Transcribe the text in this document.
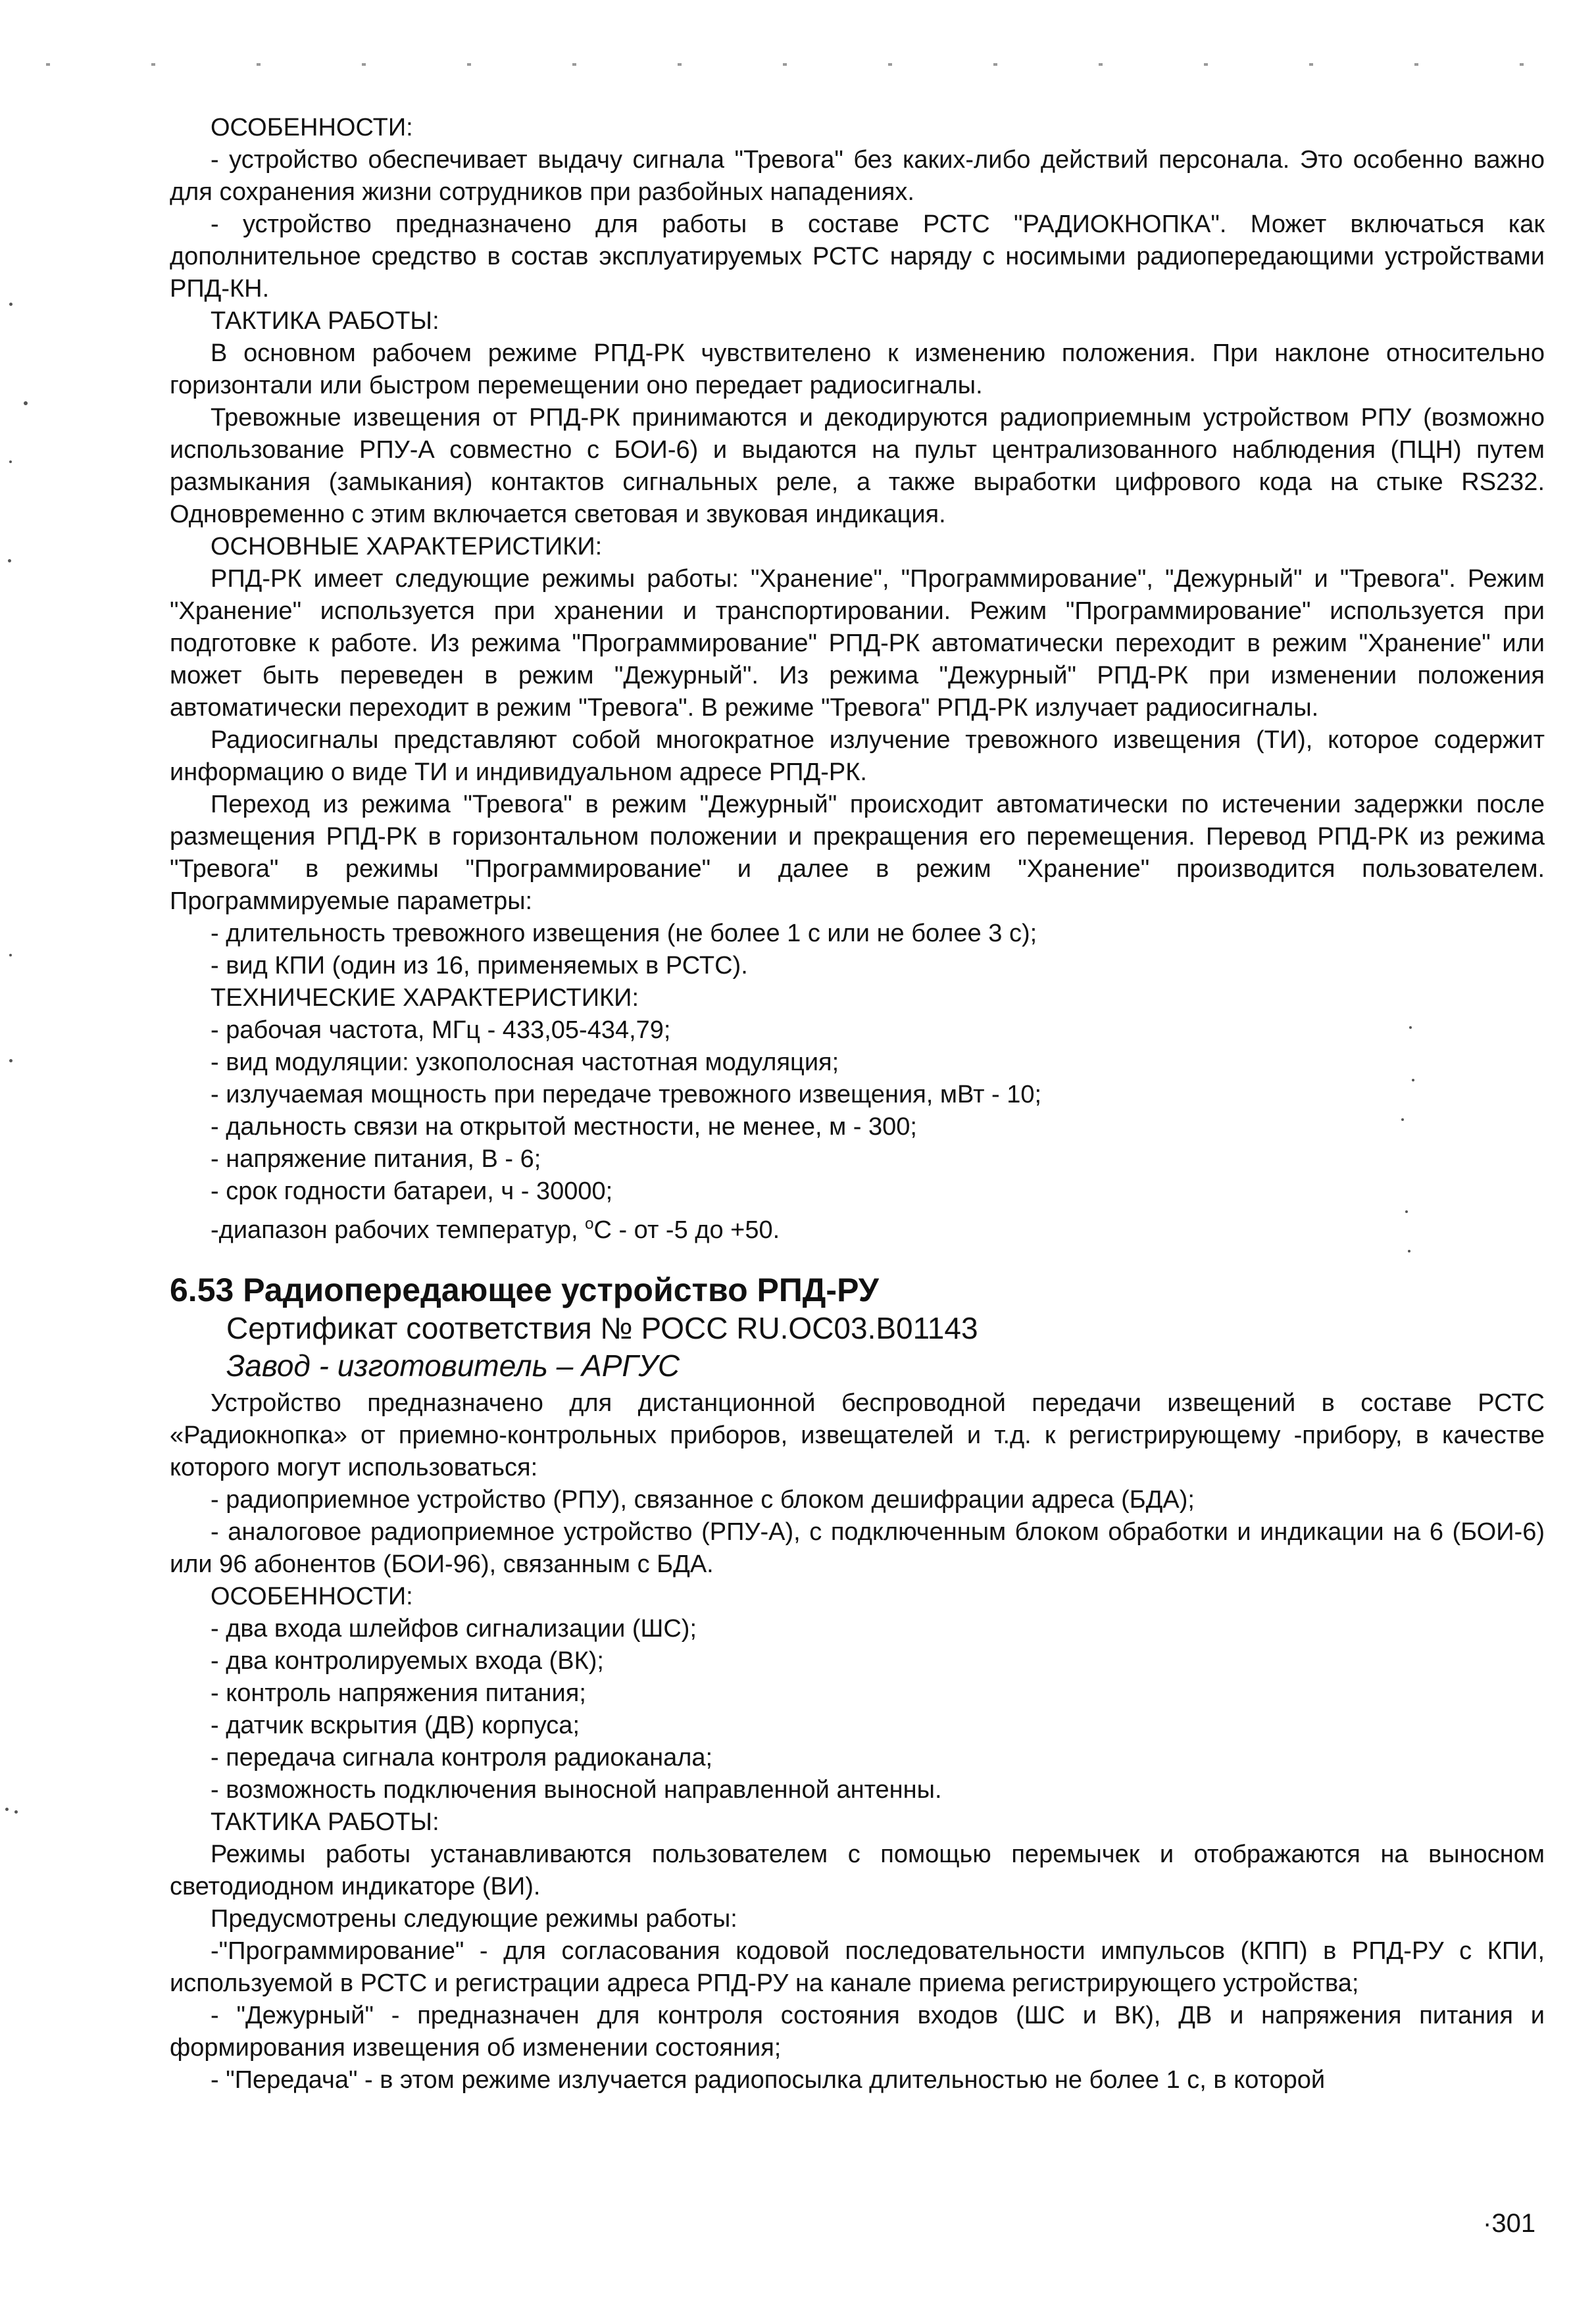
ОСОБЕННОСТИ:

- устройство обеспечивает выдачу сигнала "Тревога" без каких-либо действий персонала. Это особенно важно для сохранения жизни сотрудников при разбойных нападениях.

- устройство предназначено для работы в составе РСТС "РАДИОКНОПКА". Может включаться как дополнительное средство в состав эксплуатируемых РСТС наряду с носимыми радиопередающими устройствами РПД-КН.

ТАКТИКА РАБОТЫ:

В основном рабочем режиме РПД-РК чувствителено к изменению положения. При наклоне относительно горизонтали или быстром перемещении оно передает радиосигналы.

Тревожные извещения от РПД-РК принимаются и декодируются радиоприемным устройством РПУ (возможно использование РПУ-А совместно с БОИ-6) и выдаются на пульт централизованного наблюдения (ПЦН) путем размыкания (замыкания) контактов сигнальных реле, а также выработки цифрового кода на стыке RS232. Одновременно с этим включается световая и звуковая индикация.

ОСНОВНЫЕ ХАРАКТЕРИСТИКИ:

РПД-РК имеет следующие режимы работы: "Хранение", "Программирование", "Дежурный" и "Тревога". Режим "Хранение" используется при хранении и транспортировании. Режим "Программирование" используется при подготовке к работе. Из режима "Программирование" РПД-РК автоматически переходит в режим "Хранение" или может быть переведен в режим "Дежурный". Из режима "Дежурный" РПД-РК при изменении положения автоматически переходит в режим "Тревога". В режиме "Тревога" РПД-РК излучает радиосигналы.

Радиосигналы представляют собой многократное излучение тревожного извещения (ТИ), которое содержит информацию о виде ТИ и индивидуальном адресе РПД-РК.

Переход из режима "Тревога" в режим "Дежурный" происходит автоматически по истечении задержки после размещения РПД-РК в горизонтальном положении и прекращения его перемещения. Перевод РПД-РК из режима "Тревога" в режимы "Программирование" и далее в режим "Хранение" производится пользователем. Программируемые параметры:

- длительность тревожного извещения (не более 1 с или не более 3 с);

- вид КПИ (один из 16, применяемых в РСТС).

ТЕХНИЧЕСКИЕ ХАРАКТЕРИСТИКИ:

- рабочая частота, МГц - 433,05-434,79;

- вид модуляции: узкополосная частотная модуляция;

- излучаемая мощность при передаче тревожного извещения, мВт - 10;

- дальность связи на открытой местности, не менее, м - 300;

- напряжение питания, В - 6;

- срок годности батареи, ч - 30000;

-диапазон рабочих температур, $^o$С - от -5 до +50.

6.53 Радиопередающее устройство РПД-РУ

Сертификат соответствия № РОСС RU.ОС03.В01143

Завод - изготовитель – АРГУС

Устройство предназначено для дистанционной беспроводной передачи извещений в составе РСТС «Радиокнопка» от приемно-контрольных приборов, извещателей и т.д. к регистрирующему -прибору, в качестве которого могут использоваться:

- радиоприемное устройство (РПУ), связанное с блоком дешифрации адреса (БДА);

- аналоговое радиоприемное устройство (РПУ-А), с подключенным блоком обработки и индикации на 6 (БОИ-6) или 96 абонентов (БОИ-96), связанным с БДА.

ОСОБЕННОСТИ:

- два входа шлейфов сигнализации (ШС);

- два контролируемых входа (ВК);

- контроль напряжения питания;

- датчик вскрытия (ДВ) корпуса;

- передача сигнала контроля радиоканала;

- возможность подключения выносной направленной антенны.

ТАКТИКА РАБОТЫ:

Режимы работы устанавливаются пользователем с помощью перемычек и отображаются на выносном светодиодном индикаторе (ВИ).

Предусмотрены следующие режимы работы:

-"Программирование" - для согласования кодовой последовательности импульсов (КПП) в РПД-РУ с КПИ, используемой в РСТС и регистрации адреса РПД-РУ на канале приема регистрирующего устройства;

- "Дежурный" - предназначен для контроля состояния входов (ШС и ВК), ДВ и напряжения питания и формирования извещения об изменении состояния;

- "Передача" - в этом режиме излучается радиопосылка длительностью не более 1 с, в которой

·301
